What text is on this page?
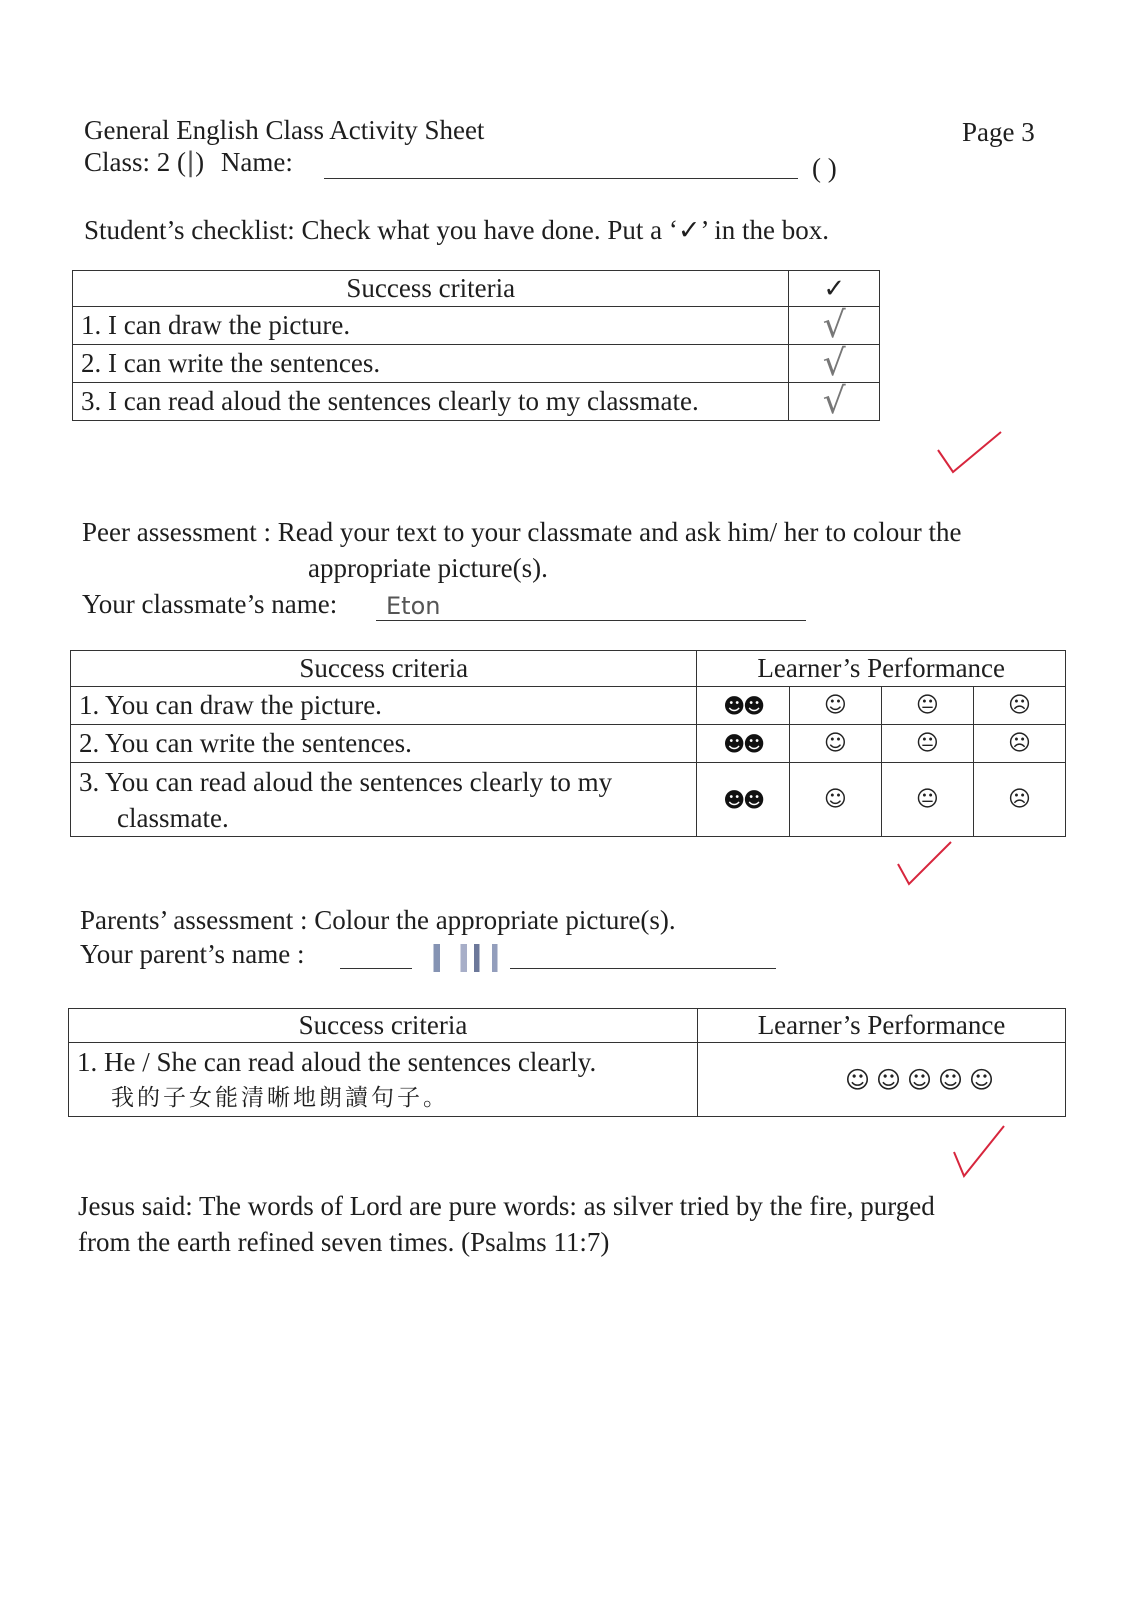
General English Class Activity Sheet	Page 3
Class: 2 (|) Name:	( )
Student’s checklist: Check what you have done. Put a ‘✓’ in the box.
Success criteria	✓
1. I can draw the picture.	√
2. I can write the sentences.	√
3. I can read aloud the sentences clearly to my classmate.	√
Peer assessment : Read your text to your classmate and ask him/ her to colour the
appropriate picture(s).
Your classmate’s name: Eton
Success criteria	Learner’s Performance			
1. You can draw the picture.	☻☻	☺	😐	☹
2. You can write the sentences.	☻☻	☺	😐	☹

3. You can read aloud the sentences clearly to my
classmate.	☻☻	☺	😐	☹
Parents’ assessment : Colour the appropriate picture(s).
Your parent’s name :
Success criteria	Learner’s Performance

1. He / She can read aloud the sentences clearly.
我的子女能清晰地朗讀句子。	☺☺☺☺☺
Jesus said: The words of Lord are pure words: as silver tried by the fire, purged
from the earth refined seven times. (Psalms 11:7)
